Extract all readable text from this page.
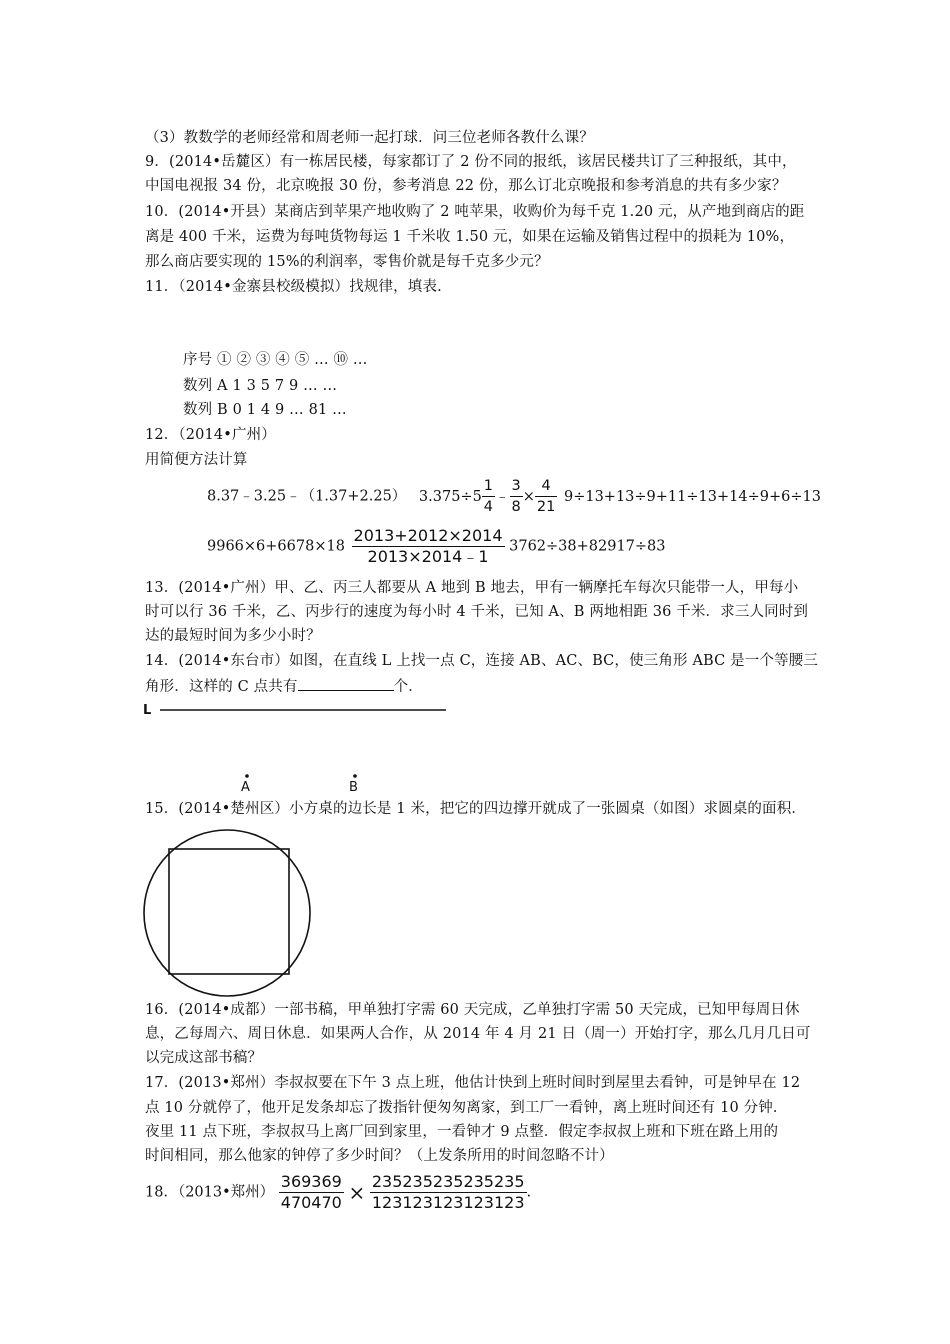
（3）教数学的老师经常和周老师一起打球．问三位老师各教什么课？
9．(2014•岳麓区）有一栋居民楼，每家都订了 2 份不同的报纸，该居民楼共订了三种报纸，其中，
中国电视报 34 份，北京晚报 30 份，参考消息 22 份，那么订北京晚报和参考消息的共有多少家？
10．(2014•开县）某商店到苹果产地收购了 2 吨苹果，收购价为每千克 1.20 元，从产地到商店的距
离是 400 千米，运费为每吨货物每运 1 千米收 1.50 元，如果在运输及销售过程中的损耗为 10%，
那么商店要实现的 15%的利润率，零售价就是每千克多少元？
11．（2014•金寨县校级模拟）找规律，填表.
序号 ① ② ③ ④ ⑤ … ⑩ …
数列 A 1 3 5 7 9 … …
数列 B 0 1 4 9 … 81 …
12．（2014•广州）
用简便方法计算
8.37﹣3.25﹣（1.37+2.25） $3.375\div 5 \frac{1}{4}$ ﹣ $\frac{3}{8} \times \frac{4}{21} 9\div 13+13\div 9+11\div 13+14\div 9+6\div 13$
$9966\times 6+6678\times 18 \frac{2013+2012\times 2014}{2013\times 2014﹣1} 3762\div 38+82917\div 83$
13．(2014•广州）甲、乙、丙三人都要从 A 地到 B 地去，甲有一辆摩托车每次只能带一人，甲每小
时可以行 36 千米，乙、丙步行的速度为每小时 4 千米，已知 A、B 两地相距 36 千米．求三人同时到
达的最短时间为多少小时？
14．(2014•东台市）如图，在直线 L 上找一点 C，连接 AB、AC、BC，使三角形 ABC 是一个等腰三
角形．这样的 C 点共有	个．
L
A	B
15．(2014•楚州区）小方桌的边长是 1 米，把它的四边撑开就成了一张圆桌（如图）求圆桌的面积．
16．(2014•成都）一部书稿，甲单独打字需 60 天完成，乙单独打字需 50 天完成，已知甲每周日休
息，乙每周六、周日休息．如果两人合作，从 2014 年 4 月 21 日（周一）开始打字，那么几月几日可
以完成这部书稿？
17．(2013•郑州）李叔叔要在下午 3 点上班，他估计快到上班时间时到屋里去看钟，可是钟早在 12
点 10 分就停了，他开足发条却忘了拨指针便匆匆离家，到工厂一看钟，离上班时间还有 10 分钟．
夜里 11 点下班，李叔叔马上离厂回到家里，一看钟才 9 点整．假定李叔叔上班和下班在路上用的
时间相同，那么他家的钟停了多少时间？（上发条所用的时间忽略不计）
18．（2013•郑州） $\frac{369369}{470470} \times \frac{235235235235235}{123123123123123}$ .
